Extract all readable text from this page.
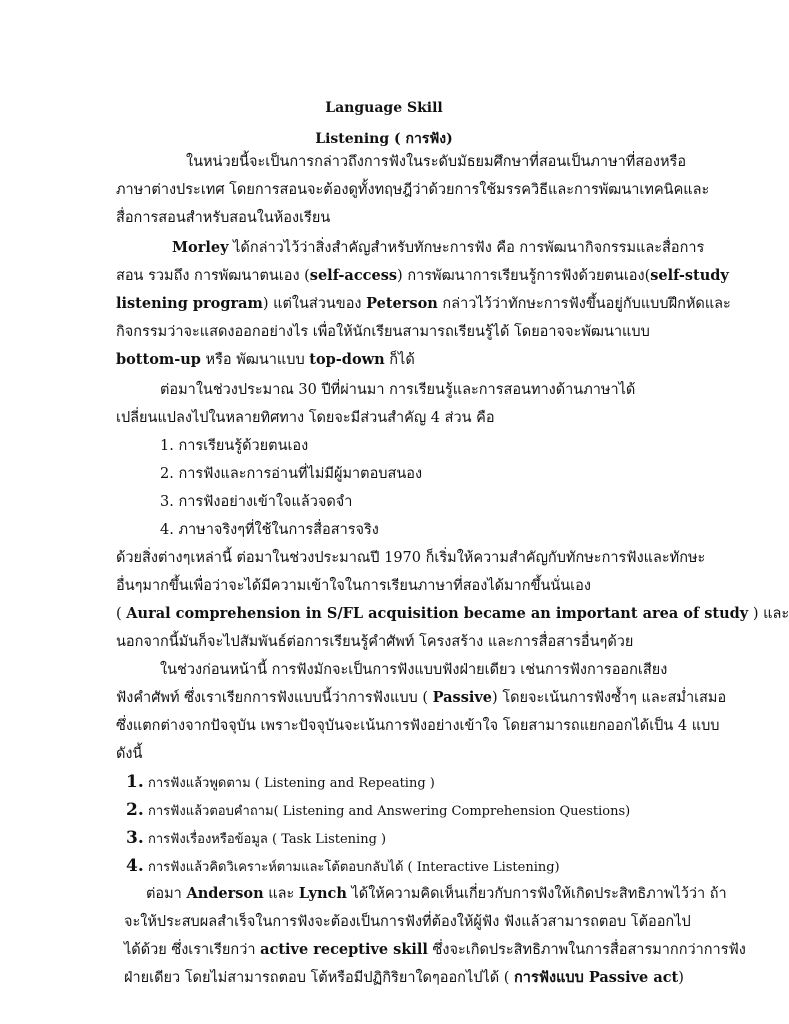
Language Skill
Listening ( การฟัง)
ในหน่วยนี้จะเป็นการกล่าวถึงการฟังในระดับมัธยมศึกษาที่สอนเป็นภาษาที่สองหรือ
ภาษาต่างประเทศ โดยการสอนจะต้องดูทั้งทฤษฎีว่าด้วยการใช้มรรควิธีและการพัฒนาเทคนิคและ
สื่อการสอนสำหรับสอนในห้องเรียน
Morley ได้กล่าวไว้ว่าสิ่งสำคัญสำหรับทักษะการฟัง คือ การพัฒนากิจกรรมและสื่อการ
สอน รวมถึง การพัฒนาตนเอง (self-access) การพัฒนาการเรียนรู้การฟังด้วยตนเอง(self-study
listening program) แต่ในส่วนของ Peterson กล่าวไว้ว่าทักษะการฟังขึ้นอยู่กับแบบฝึกหัดและ
กิจกรรมว่าจะแสดงออกอย่างไร เพื่อให้นักเรียนสามารถเรียนรู้ได้ โดยอาจจะพัฒนาแบบ
bottom-up หรือ พัฒนาแบบ top-down ก็ได้
ต่อมาในช่วงประมาณ 30 ปีที่ผ่านมา การเรียนรู้และการสอนทางด้านภาษาได้
เปลี่ยนแปลงไปในหลายทิศทาง โดยจะมีส่วนสำคัญ 4 ส่วน คือ
1. การเรียนรู้ด้วยตนเอง
2. การฟังและการอ่านที่ไม่มีผู้มาตอบสนอง
3. การฟังอย่างเข้าใจแล้วจดจำ
4. ภาษาจริงๆที่ใช้ในการสื่อสารจริง
ด้วยสิ่งต่างๆเหล่านี้ ต่อมาในช่วงประมาณปี 1970 ก็เริ่มให้ความสำคัญกับทักษะการฟังและทักษะ
อื่นๆมากขึ้นเพื่อว่าจะได้มีความเข้าใจในการเรียนภาษาที่สองได้มากขึ้นนั่นเอง
( Aural comprehension in S/FL acquisition became an important area of study ) และ
นอกจากนี้มันก็จะไปสัมพันธ์ต่อการเรียนรู้คำศัพท์ โครงสร้าง และการสื่อสารอื่นๆด้วย
ในช่วงก่อนหน้านี้ การฟังมักจะเป็นการฟังแบบฟังฝ่ายเดียว เช่นการฟังการออกเสียง
ฟังคำศัพท์ ซึ่งเราเรียกการฟังแบบนี้ว่าการฟังแบบ ( Passive) โดยจะเน้นการฟังซ้ำๆ และสม่ำเสมอ
ซึ่งแตกต่างจากปัจจุบัน เพราะปัจจุบันจะเน้นการฟังอย่างเข้าใจ โดยสามารถแยกออกได้เป็น 4 แบบ
ดังนี้
1. การฟังแล้วพูดตาม ( Listening and Repeating )
2. การฟังแล้วตอบคำถาม( Listening and Answering Comprehension Questions)
3. การฟังเรื่องหรือข้อมูล ( Task Listening )
4. การฟังแล้วคิดวิเคราะห์ตามและโต้ตอบกลับได้ ( Interactive Listening)
ต่อมา Anderson และ Lynch ได้ให้ความคิดเห็นเกี่ยวกับการฟังให้เกิดประสิทธิภาพไว้ว่า ถ้า
จะให้ประสบผลสำเร็จในการฟังจะต้องเป็นการฟังที่ต้องให้ผู้ฟัง ฟังแล้วสามารถตอบ โต้ออกไป
ได้ด้วย ซึ่งเราเรียกว่า active receptive skill ซึ่งจะเกิดประสิทธิภาพในการสื่อสารมากกว่าการฟัง
ฝ่ายเดียว โดยไม่สามารถตอบ โต้หรือมีปฏิกิริยาใดๆออกไปได้ ( การฟังแบบ Passive act)
